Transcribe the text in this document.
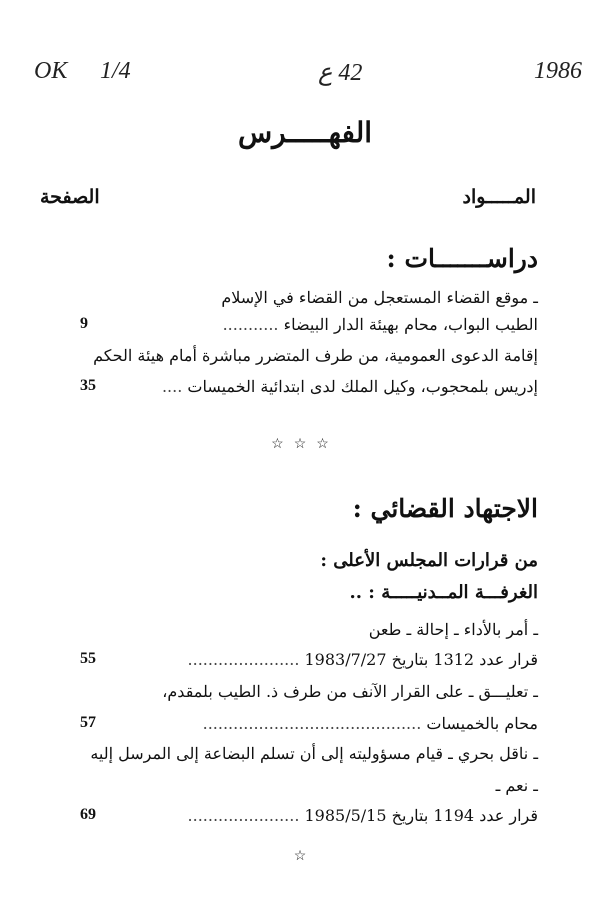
OK 1/4	42 ع	1986
الفهـــــرس
المـــــواد
الصفحة
دراســـــــات :
ـ موقع القضاء المستعجل من القضاء في الإسلام
الطيب البواب، محام بهيئة الدار البيضاء ...........
9
إقامة الدعوى العمومية، من طرف المتضرر مباشرة أمام هيئة الحكم
إدريس بلمحجوب، وكيل الملك لدى ابتدائية الخميسات ....
35
☆☆☆
الاجتهاد القضائي :
من قرارات المجلس الأعلى :
الغرفـــة المــدنيـــــة : ..
ـ أمر بالأداء ـ إحالة ـ طعن
قرار عدد 1312 بتاريخ 1983/7/27 ......................
55
ـ تعليـــق ـ على القرار الآنف من طرف ذ. الطيب بلمقدم،
محام بالخميسات ...........................................
57
ـ ناقل بحري ـ قيام مسؤوليته إلى أن تسلم البضاعة إلى المرسل إليه
ـ نعم ـ
قرار عدد 1194 بتاريخ 1985/5/15 ......................
69
☆
